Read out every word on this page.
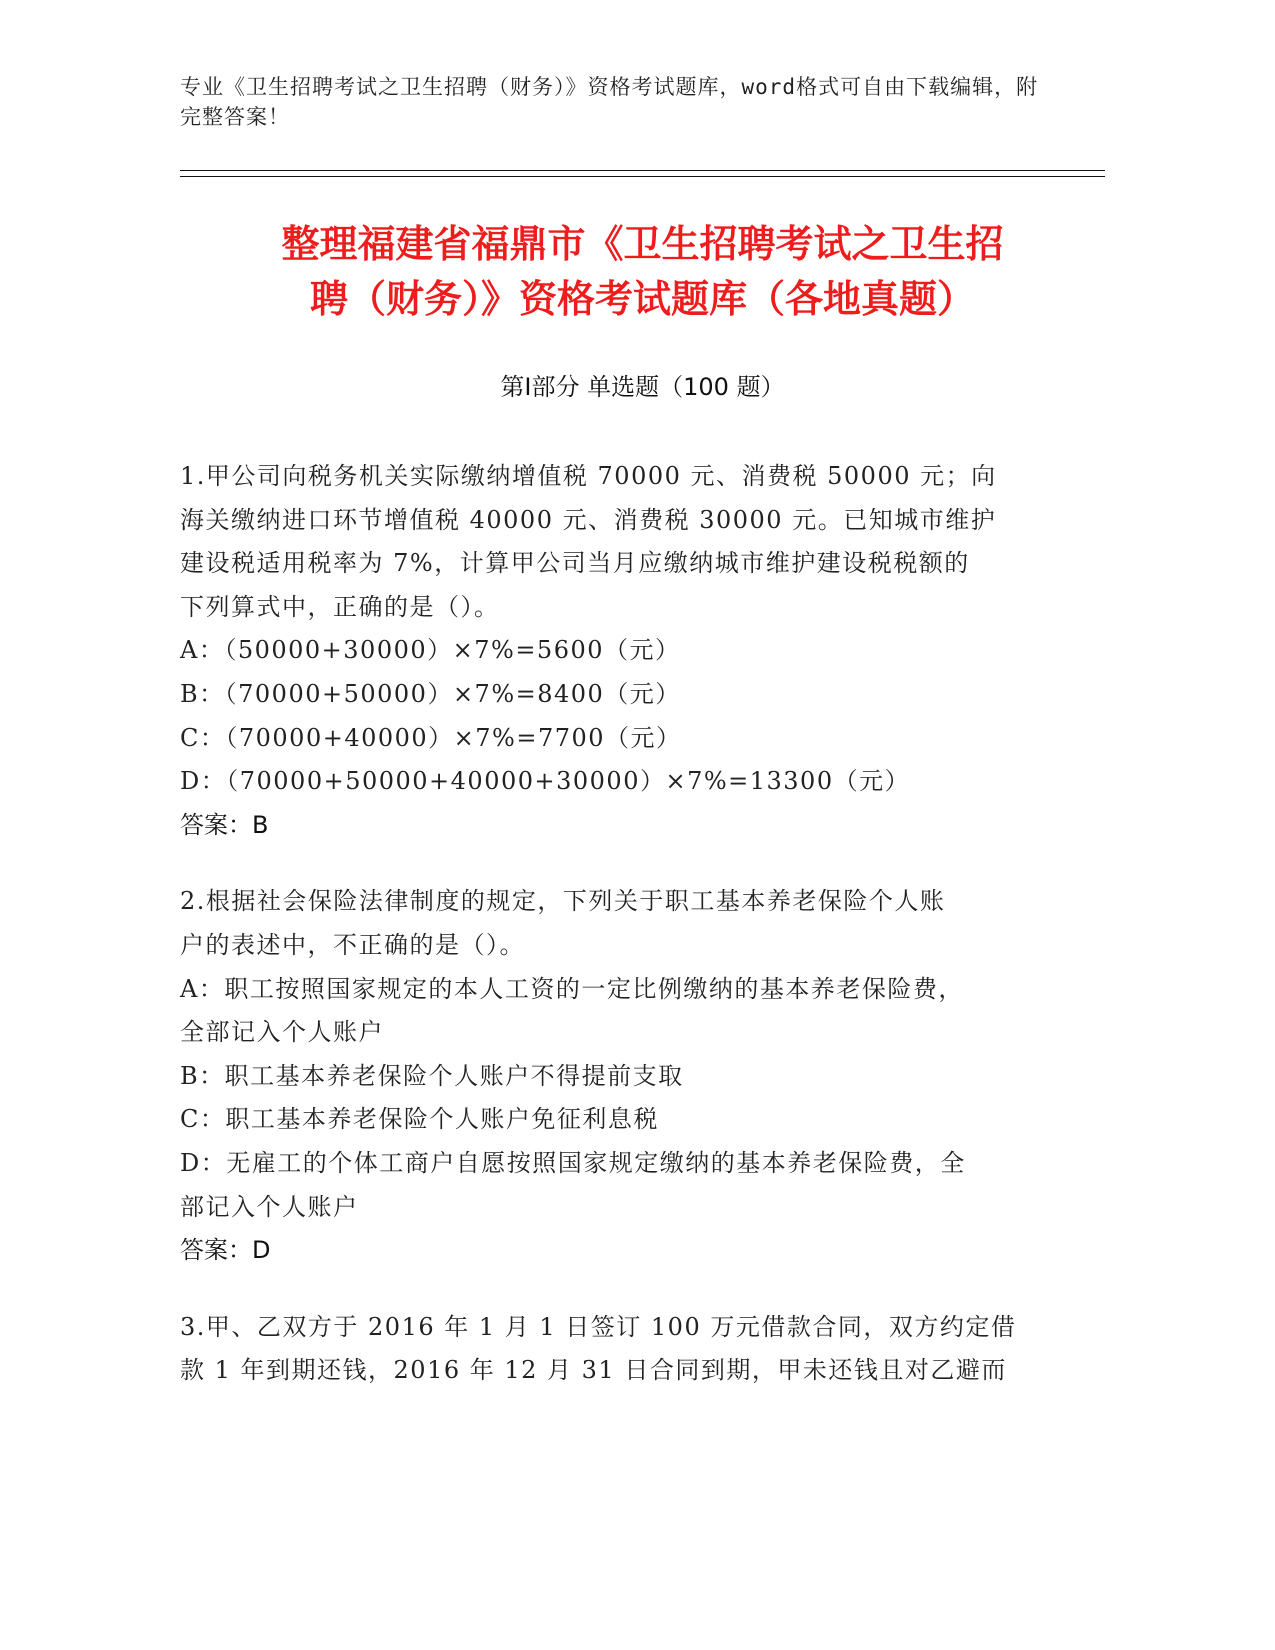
专业《卫生招聘考试之卫生招聘（财务）》资格考试题库，word格式可自由下载编辑，附完整答案！
整理福建省福鼎市《卫生招聘考试之卫生招
聘（财务）》资格考试题库（各地真题）
第Ⅰ部分 单选题（100 题）
1.甲公司向税务机关实际缴纳增值税 70000 元、消费税 50000 元；向
海关缴纳进口环节增值税 40000 元、消费税 30000 元。已知城市维护
建设税适用税率为 7%，计算甲公司当月应缴纳城市维护建设税税额的
下列算式中，正确的是（）。
A：（50000+30000）×7%=5600（元）
B：（70000+50000）×7%=8400（元）
C：（70000+40000）×7%=7700（元）
D：（70000+50000+40000+30000）×7%=13300（元）
答案：B
2.根据社会保险法律制度的规定，下列关于职工基本养老保险个人账
户的表述中，不正确的是（）。
A：职工按照国家规定的本人工资的一定比例缴纳的基本养老保险费，
全部记入个人账户
B：职工基本养老保险个人账户不得提前支取
C：职工基本养老保险个人账户免征利息税
D：无雇工的个体工商户自愿按照国家规定缴纳的基本养老保险费，全
部记入个人账户
答案：D
3.甲、乙双方于 2016 年 1 月 1 日签订 100 万元借款合同，双方约定借
款 1 年到期还钱，2016 年 12 月 31 日合同到期，甲未还钱且对乙避而
